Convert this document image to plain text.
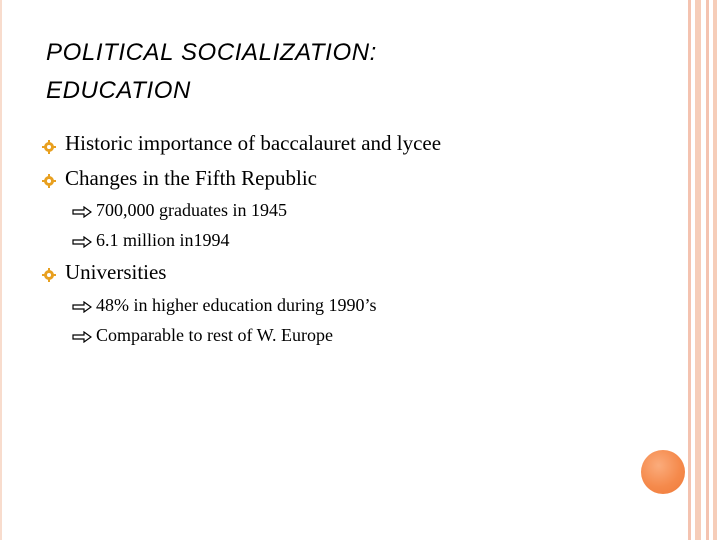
POLITICAL SOCIALIZATION:
EDUCATION
Historic importance of baccalauret and lycee
Changes in the Fifth Republic
700,000 graduates in 1945
6.1 million in1994
Universities
48% in higher education during 1990’s
Comparable to rest of W. Europe
